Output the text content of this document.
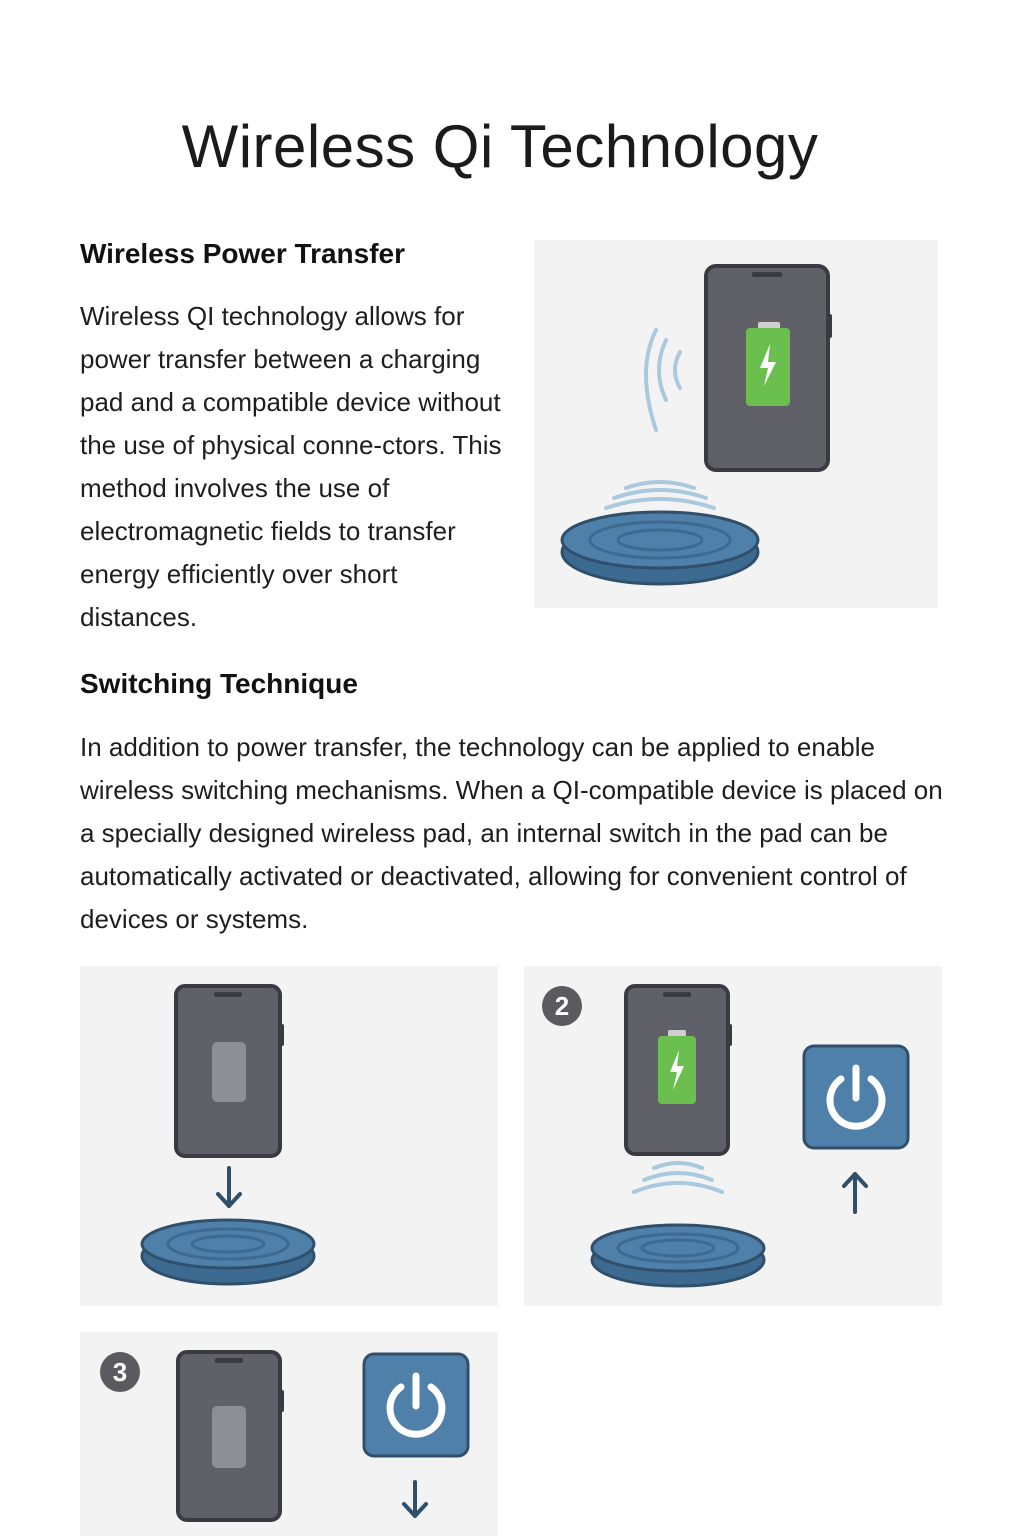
Wireless Qi Technology
Wireless Power Transfer

Wireless QI technology allows for power transfer between a charging pad and a compatible device without the use of physical conne-ctors. This method involves the use of electromagnetic fields to transfer energy efficiently over short distances.

Switching Technique

In addition to power transfer, the technology can be applied to enable wireless switching mechanisms. When a QI-compatible device is placed on a specially designed wireless pad, an internal switch in the pad can be automatically activated or deactivated, allowing for convenient control of devices or systems.

2
3
